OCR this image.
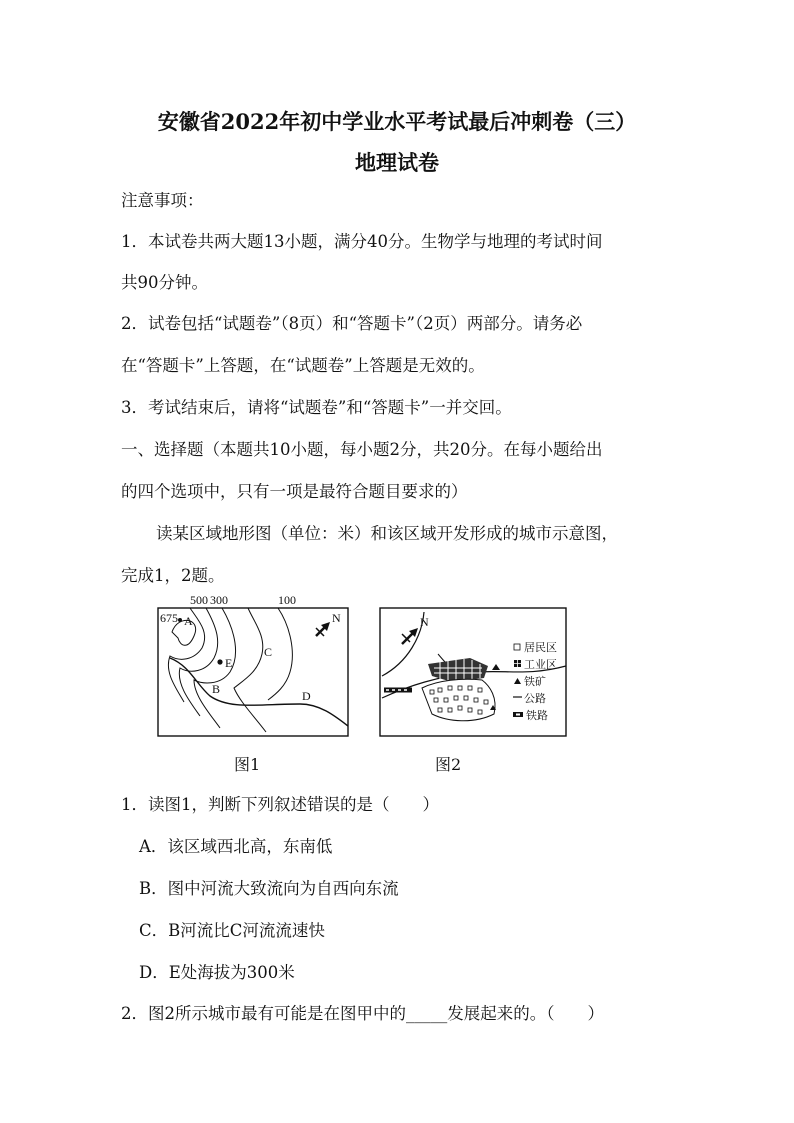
安徽省2022年初中学业水平考试最后冲刺卷（三）
地理试卷
注意事项：
1．本试卷共两大题13小题，满分40分。生物学与地理的考试时间
共90分钟。
2．试卷包括“试题卷”（8页）和“答题卡”（2页）两部分。请务必
在“答题卡”上答题，在“试题卷”上答题是无效的。
3．考试结束后，请将“试题卷”和“答题卡”一并交回。
一、选择题（本题共10小题，每小题2分，共20分。在每小题给出
的四个选项中，只有一项是最符合题目要求的）
读某区域地形图（单位：米）和该区域开发形成的城市示意图，
完成1，2题。
500 300	100
675 A
B
C
D
E
N
图1
N
居民区
工业区
铁矿
公路
铁路
图2
1．读图1，判断下列叙述错误的是（　　）
A．该区域西北高，东南低
B．图中河流大致流向为自西向东流
C．B河流比C河流流速快
D．E处海拔为300米
2．图2所示城市最有可能是在图甲中的_____发展起来的。（　　）
